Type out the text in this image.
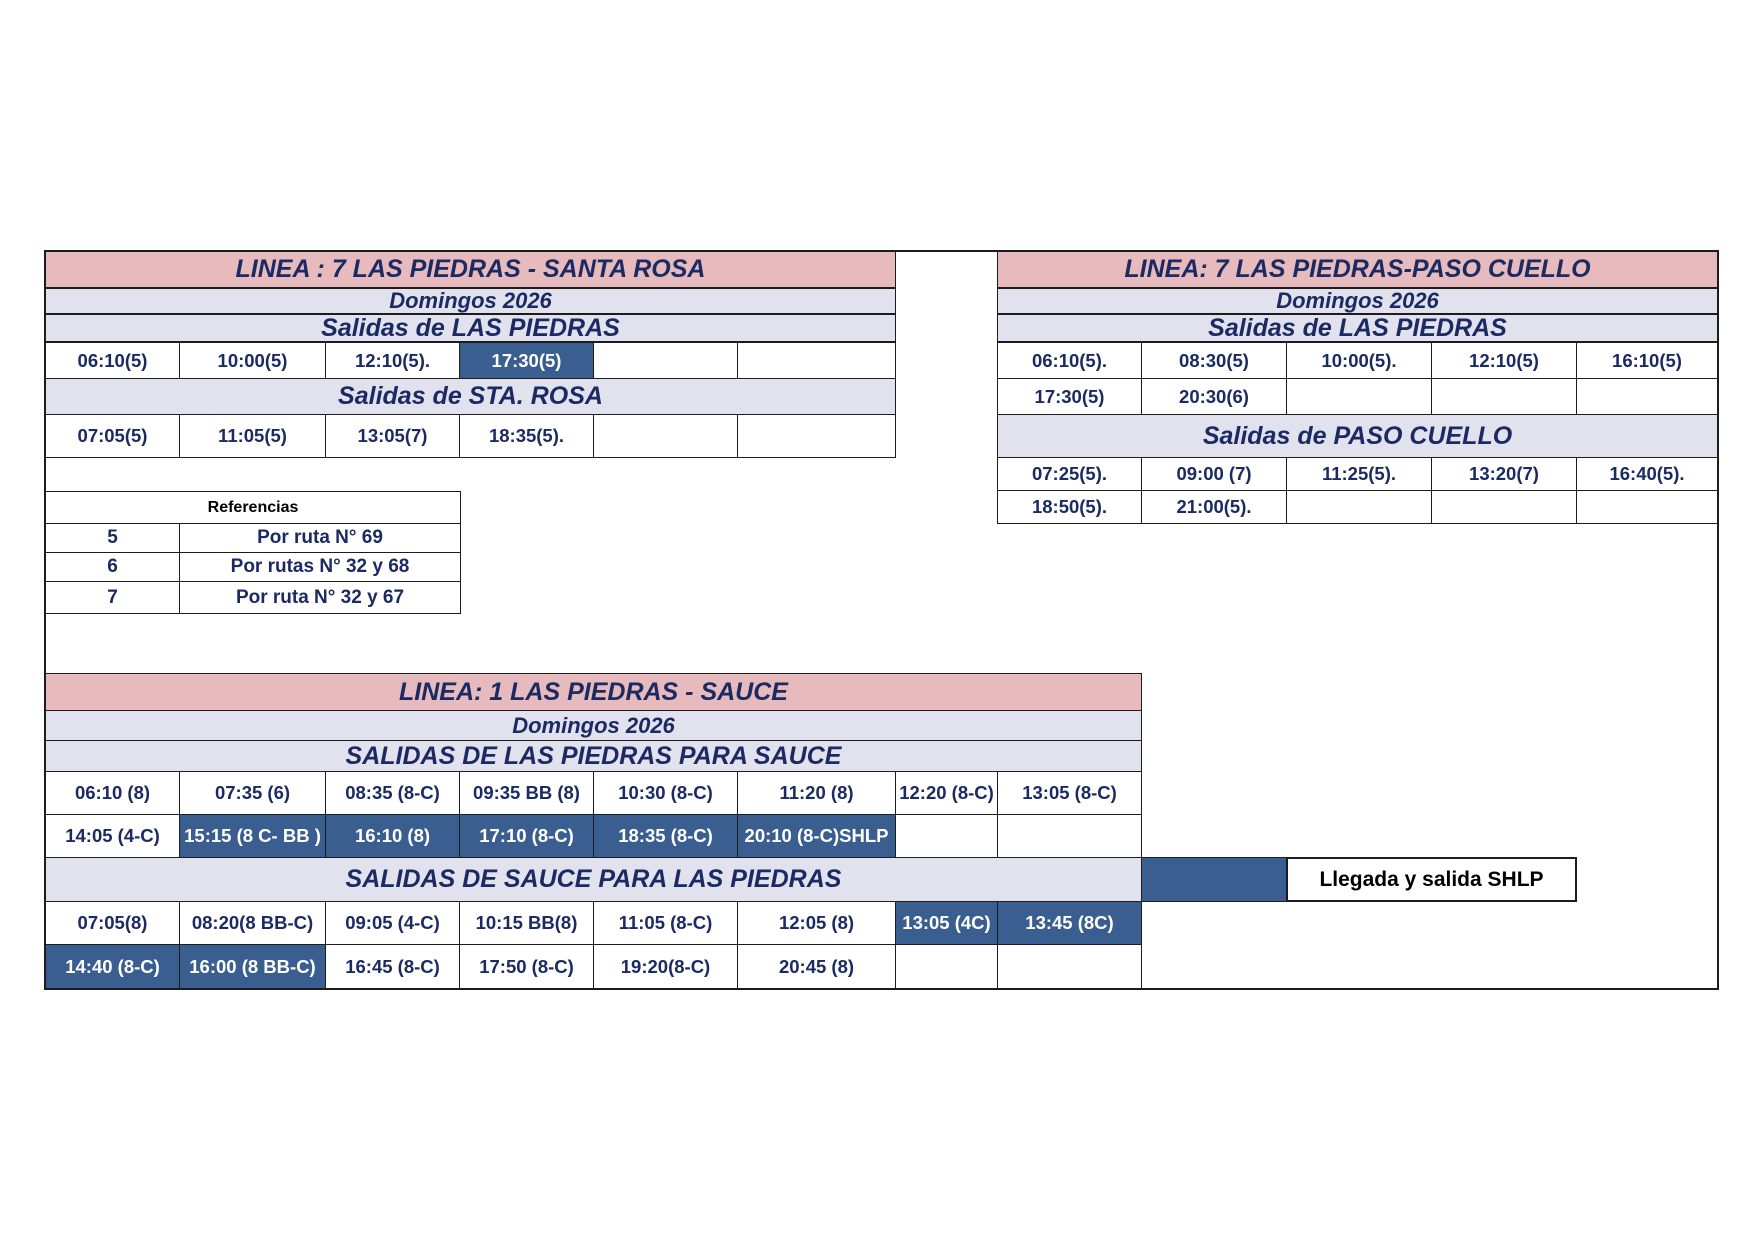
LINEA : 7 LAS PIEDRAS - SANTA ROSA
Domingos 2026
Salidas de LAS PIEDRAS
06:10(5)	10:00(5)	12:10(5).	17:30(5)
Salidas de STA. ROSA
07:05(5)	11:05(5)	13:05(7)	18:35(5).
Referencias
5	Por ruta N° 69
6	Por rutas N° 32 y 68
7	Por ruta N° 32 y 67
LINEA: 7 LAS PIEDRAS-PASO CUELLO
Domingos 2026
Salidas de LAS PIEDRAS
06:10(5).	08:30(5)	10:00(5).	12:10(5)	16:10(5)
17:30(5)	20:30(6)
Salidas de PASO CUELLO
07:25(5).	09:00 (7)	11:25(5).	13:20(7)	16:40(5).
18:50(5).	21:00(5).
LINEA: 1 LAS PIEDRAS - SAUCE
Domingos 2026
SALIDAS DE LAS PIEDRAS PARA SAUCE
06:10 (8)	07:35 (6)	08:35 (8-C)	09:35 BB (8)	10:30 (8-C)	11:20 (8)	12:20 (8-C)	13:05 (8-C)
14:05 (4-C)	15:15 (8 C- BB )	16:10 (8)	17:10 (8-C)	18:35 (8-C)	20:10 (8-C)SHLP
SALIDAS DE SAUCE PARA LAS PIEDRAS	Llegada y salida SHLP
07:05(8)	08:20(8 BB-C)	09:05 (4-C)	10:15 BB(8)	11:05 (8-C)	12:05 (8)	13:05 (4C)	13:45 (8C)
14:40 (8-C)	16:00 (8 BB-C)	16:45 (8-C)	17:50 (8-C)	19:20(8-C)	20:45 (8)
